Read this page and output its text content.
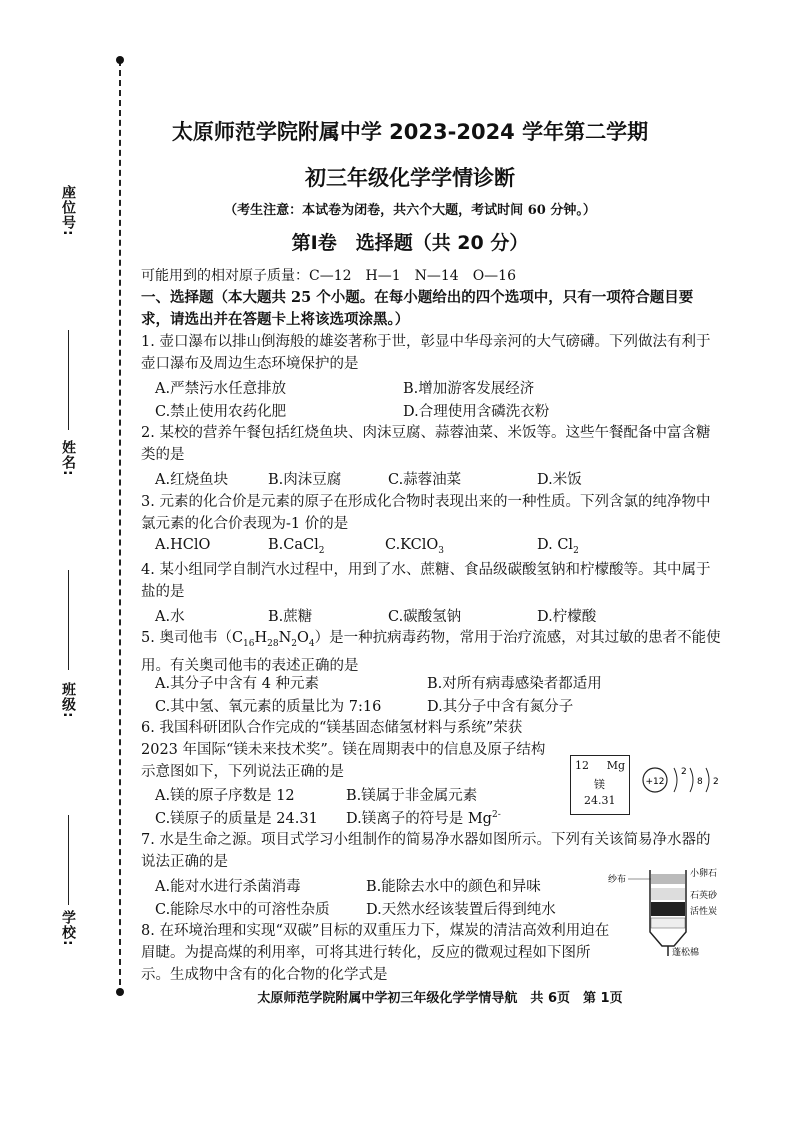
座位号:
姓名:
班级:
学校:
太原师范学院附属中学 2023-2024 学年第二学期
初三年级化学学情诊断
（考生注意：本试卷为闭卷，共六个大题，考试时间 60 分钟。）
第Ⅰ卷　选择题（共 20 分）
可能用到的相对原子质量：C—12　H—1　N—14　O—16
一、选择题（本大题共 25 个小题。在每小题给出的四个选项中，只有一项符合题目要求，请选出并在答题卡上将该选项涂黑。）
1. 壶口瀑布以排山倒海般的雄姿著称于世，彰显中华母亲河的大气磅礴。下列做法有利于壶口瀑布及周边生态环境保护的是
A.严禁污水任意排放	B.增加游客发展经济
C.禁止使用农药化肥	D.合理使用含磷洗衣粉
2. 某校的营养午餐包括红烧鱼块、肉沫豆腐、蒜蓉油菜、米饭等。这些午餐配备中富含糖类的是
A.红烧鱼块	B.肉沫豆腐	C.蒜蓉油菜	D.米饭
3. 元素的化合价是元素的原子在形成化合物时表现出来的一种性质。下列含氯的纯净物中氯元素的化合价表现为-1 价的是
A.HClO	B.CaCl$_2$	C.KClO$_3$	D. $Cl_2$
4. 某小组同学自制汽水过程中，用到了水、蔗糖、食品级碳酸氢钠和柠檬酸等。其中属于盐的是
A.水	B.蔗糖	C.碳酸氢钠	D.柠檬酸
5. 奥司他韦$(C_{16}H_{28}N_2O_4)$是一种抗病毒药物，常用于治疗流感，对其过敏的患者不能使用。有关奥司他韦的表述正确的是
A.其分子中含有 4 种元素	B.对所有病毒感染者都适用
C.其中氢、氧元素的质量比为 7:16	D.其分子中含有氮分子
6. 我国科研团队合作完成的“镁基固态储氢材料与系统”荣获 2023 年国际“镁未来技术奖”。镁在周期表中的信息及原子结构示意图如下，下列说法正确的是
A.镁的原子序数是 12	B.镁属于非金属元素
C.镁原子的质量是 24.31 D.镁离子的符号是 $Mg^{2-}$
12 Mg
镁
24.31
+12
2
8 2
7. 水是生命之源。项目式学习小组制作的简易净水器如图所示。下列有关该简易净水器的说法正确的是
A.能对水进行杀菌消毒	B.能除去水中的颜色和异味
C.能除尽水中的可溶性杂质	D.天然水经该装置后得到纯水
纱布
小卵石
石英砂
活性炭
蓬松棉
8. 在环境治理和实现“双碳”目标的双重压力下，煤炭的清洁高效利用迫在眉睫。为提高煤的利用率，可将其进行转化，反应的微观过程如下图所示。生成物中含有的化合物的化学式是
太原师范学院附属中学初三年级化学学情导航　共 6页　第 1页
